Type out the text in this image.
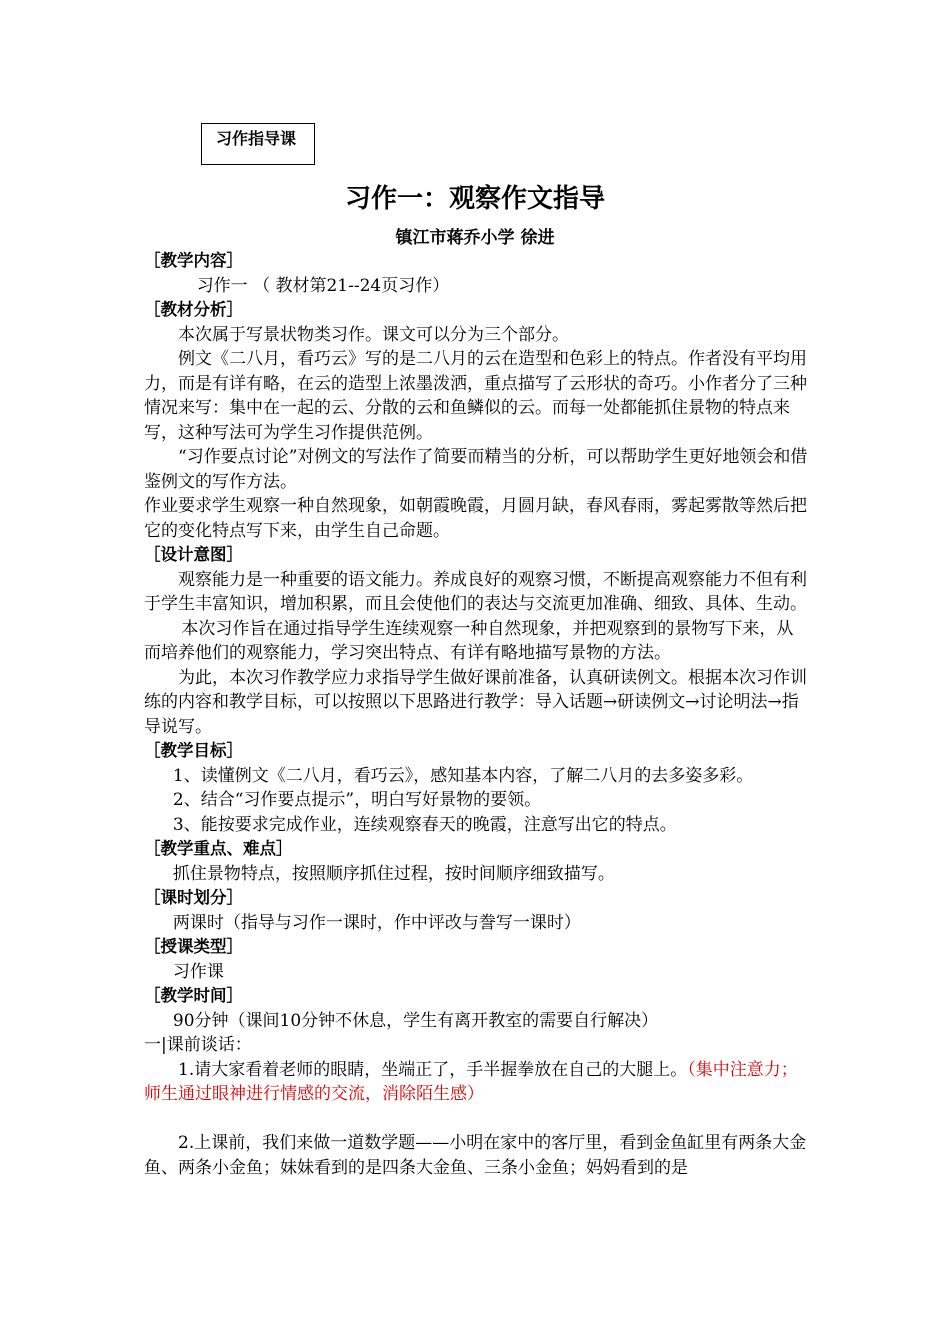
习作指导课
习作一：观察作文指导
镇江市蒋乔小学 徐进

［教学内容］

习作一 （ 教材第21--24页习作）

［教材分析］

本次属于写景状物类习作。课文可以分为三个部分。

例文《二八月，看巧云》写的是二八月的云在造型和色彩上的特点。作者没有平均用力，而是有详有略，在云的造型上浓墨泼洒，重点描写了云形状的奇巧。小作者分了三种情况来写：集中在一起的云、分散的云和鱼鳞似的云。而每一处都能抓住景物的特点来写，这种写法可为学生习作提供范例。

“习作要点讨论”对例文的写法作了简要而精当的分析，可以帮助学生更好地领会和借鉴例文的写作方法。

作业要求学生观察一种自然现象，如朝霞晚霞，月圆月缺，春风春雨，雾起雾散等然后把它的变化特点写下来，由学生自己命题。

［设计意图］

观察能力是一种重要的语文能力。养成良好的观察习惯，不断提高观察能力不但有利于学生丰富知识，增加积累，而且会使他们的表达与交流更加准确、细致、具体、生动。

本次习作旨在通过指导学生连续观察一种自然现象，并把观察到的景物写下来，从而培养他们的观察能力，学习突出特点、有详有略地描写景物的方法。

为此，本次习作教学应力求指导学生做好课前准备，认真研读例文。根据本次习作训练的内容和教学目标，可以按照以下思路进行教学：导入话题→研读例文→讨论明法→指导说写。

［教学目标］

1、读懂例文《二八月，看巧云》，感知基本内容，了解二八月的去多姿多彩。

2、结合“习作要点提示”，明白写好景物的要领。

3、能按要求完成作业，连续观察春天的晚霞，注意写出它的特点。

［教学重点、难点］

抓住景物特点，按照顺序抓住过程，按时间顺序细致描写。

［课时划分］

两课时（指导与习作一课时，作中评改与誊写一课时）

［授课类型］

习作课

［教学时间］

90分钟（课间10分钟不休息，学生有离开教室的需要自行解决）

一|课前谈话：

1.请大家看着老师的眼睛，坐端正了，手半握拳放在自己的大腿上。（集中注意力；师生通过眼神进行情感的交流，消除陌生感）

2.上课前，我们来做一道数学题——小明在家中的客厅里，看到金鱼缸里有两条大金鱼、两条小金鱼；妹妹看到的是四条大金鱼、三条小金鱼；妈妈看到的是
